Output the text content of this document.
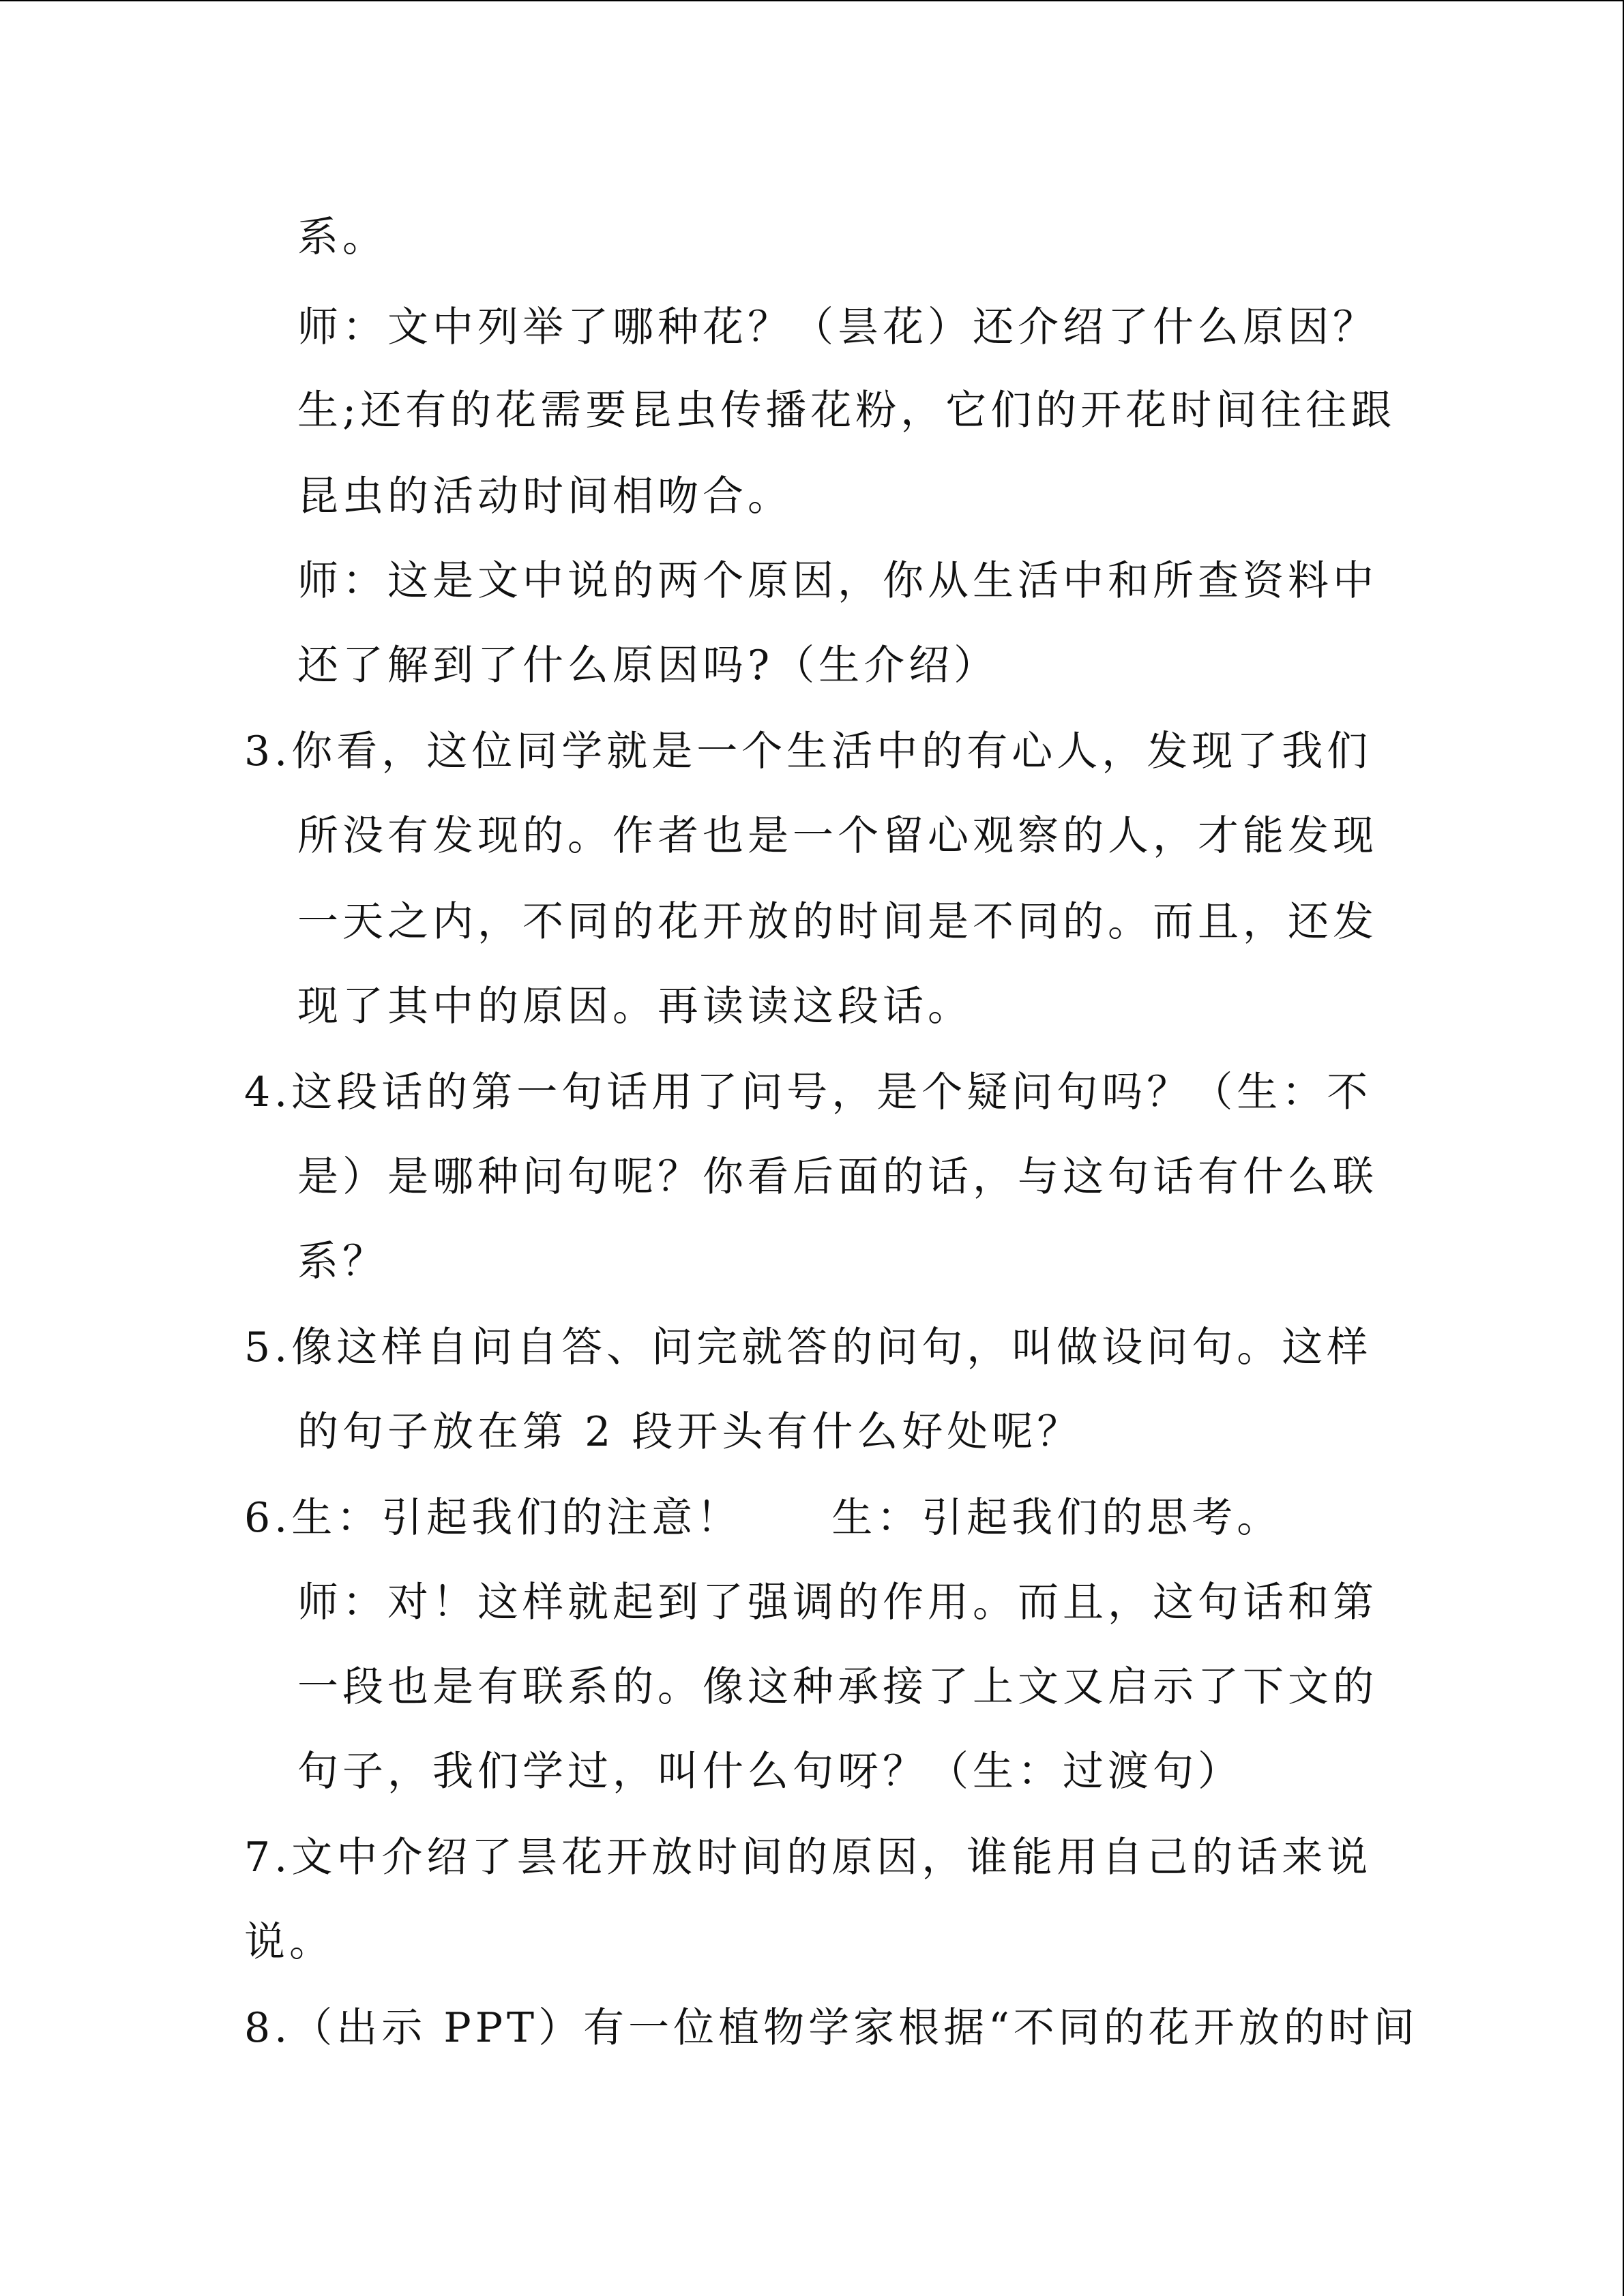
系。
师：文中列举了哪种花？（昙花）还介绍了什么原因？
生;还有的花需要昆虫传播花粉，它们的开花时间往往跟
昆虫的活动时间相吻合。
师：这是文中说的两个原因，你从生活中和所查资料中
还了解到了什么原因吗?（生介绍）
3.你看，这位同学就是一个生活中的有心人，发现了我们
所没有发现的。作者也是一个留心观察的人，才能发现
一天之内，不同的花开放的时间是不同的。而且，还发
现了其中的原因。再读读这段话。
4.这段话的第一句话用了问号，是个疑问句吗？（生：不
是）是哪种问句呢？你看后面的话，与这句话有什么联
系？
5.像这样自问自答、问完就答的问句，叫做设问句。这样
的句子放在第 2 段开头有什么好处呢？
6.生：引起我们的注意！　　生：引起我们的思考。
师：对！这样就起到了强调的作用。而且，这句话和第
一段也是有联系的。像这种承接了上文又启示了下文的
句子，我们学过，叫什么句呀？（生：过渡句）
7.文中介绍了昙花开放时间的原因，谁能用自己的话来说
说。
8.（出示 PPT）有一位植物学家根据“不同的花开放的时间
